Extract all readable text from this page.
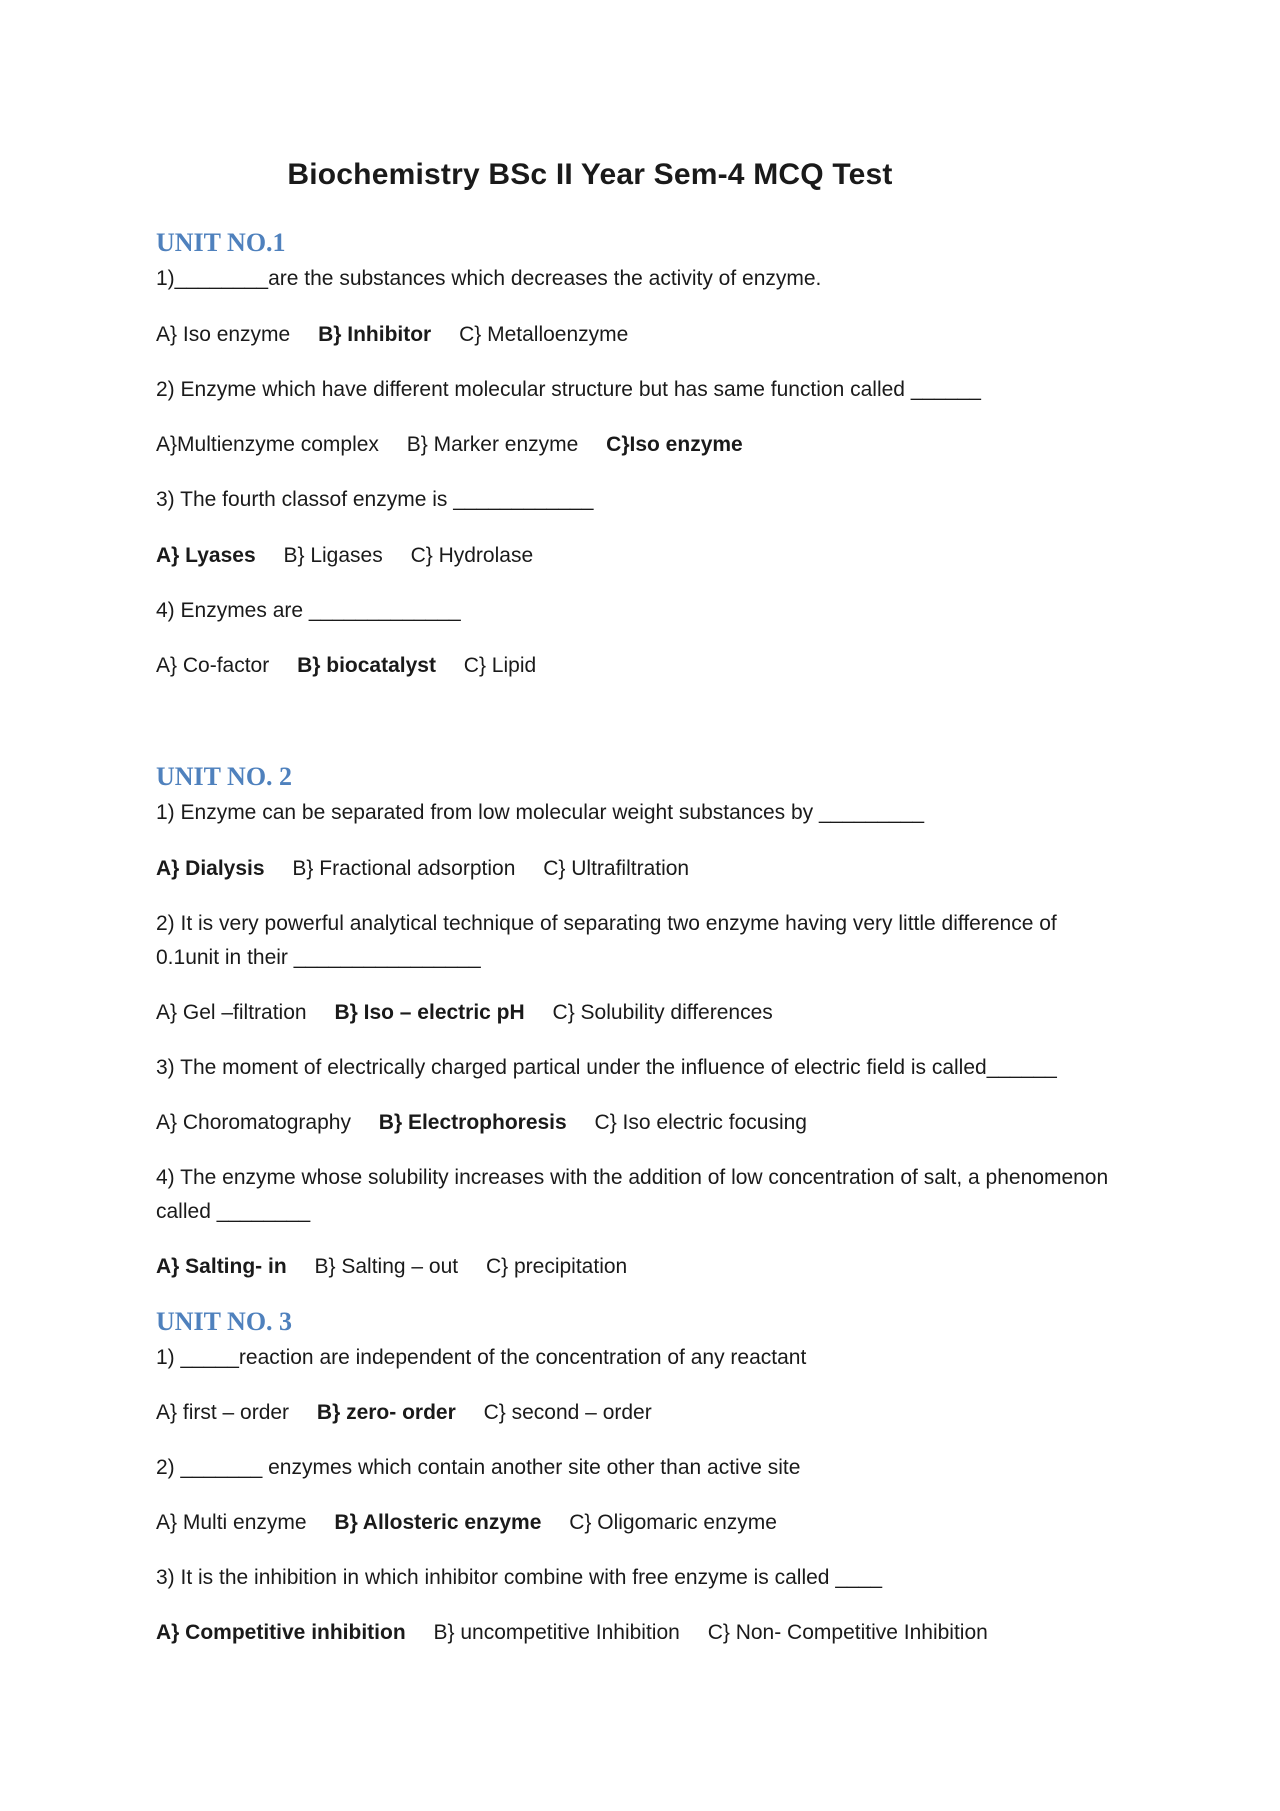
Biochemistry BSc II Year Sem-4 MCQ Test
UNIT NO.1
1)________are the substances which decreases the activity of enzyme.
A} Iso enzyme B} Inhibitor C} Metalloenzyme
2) Enzyme which have different molecular structure but has same function called ______
A}Multienzyme complex B} Marker enzyme C}Iso enzyme
3) The fourth classof enzyme is ____________
A} Lyases B} Ligases C} Hydrolase
4) Enzymes are _____________
A} Co-factor B} biocatalyst C} Lipid
UNIT NO. 2
1) Enzyme can be separated from low molecular weight substances by _________
A} Dialysis B} Fractional adsorption C} Ultrafiltration
2) It is very powerful analytical technique of separating two enzyme having very little difference of 0.1unit in their ________________
A} Gel –filtration B} Iso – electric pH C} Solubility differences
3) The moment of electrically charged partical under the influence of electric field is called______
A} Choromatography B} Electrophoresis C} Iso electric focusing
4) The enzyme whose solubility increases with the addition of low concentration of salt, a phenomenon called ________
A} Salting- in B} Salting – out C} precipitation
UNIT NO. 3
1) _____reaction are independent of the concentration of any reactant
A} first – order B} zero- order C} second – order
2) _______ enzymes which contain another site other than active site
A} Multi enzyme B} Allosteric enzyme C} Oligomaric enzyme
3) It is the inhibition in which inhibitor combine with free enzyme is called ____
A} Competitive inhibition B} uncompetitive Inhibition C} Non- Competitive Inhibition
